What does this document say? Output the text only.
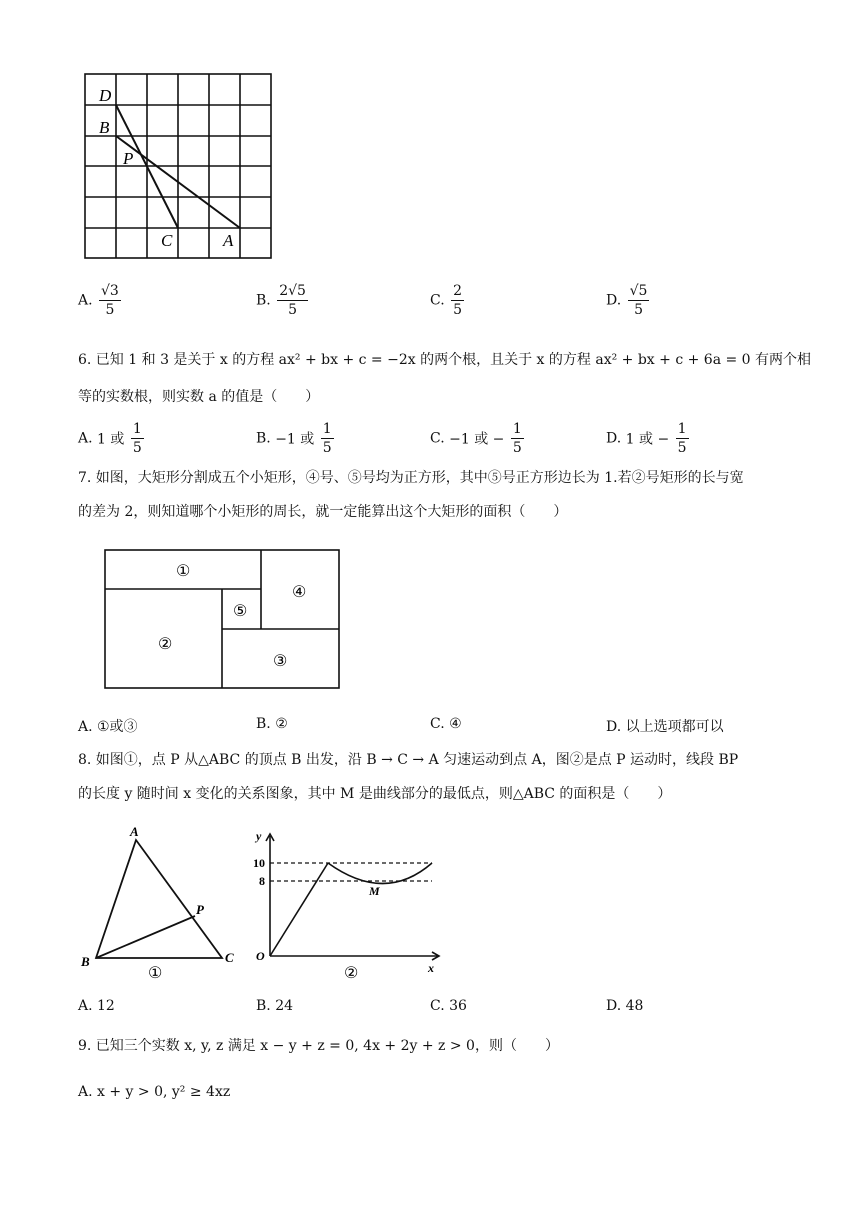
D
B
P
C	A
A. $\frac{√3}{5}$	B. $\frac{2√5}{5}$	C. $\frac{2}{5}$	D. $\frac{√5}{5}$
6. 已知 1 和 3 是关于 x 的方程 ax² + bx + c = −2x 的两个根，且关于 x 的方程 ax² + bx + c + 6a = 0 有两个相
等的实数根，则实数 a 的值是（　　）
A. 1 或 $\frac{1}{5}$	B. −1 或 $\frac{1}{5}$	C. −1 或 − $\frac{1}{5}$	D. 1 或 − $\frac{1}{5}$
7. 如图，大矩形分割成五个小矩形，④号、⑤号均为正方形，其中⑤号正方形边长为 1.若②号矩形的长与宽
的差为 2，则知道哪个小矩形的周长，就一定能算出这个大矩形的面积（　　）
①
④
⑤
②
③
A. ①或③	B. ②	C. ④	D. 以上选项都可以
8. 如图①，点 P 从△ABC 的顶点 B 出发，沿 B → C → A 匀速运动到点 A，图②是点 P 运动时，线段 BP
的长度 y 随时间 x 变化的关系图象，其中 M 是曲线部分的最低点，则△ABC 的面积是（　　）
A
P
B	C
①
y
x
O
10
8
M
②
A. 12	B. 24	C. 36	D. 48
9. 已知三个实数 x, y, z 满足 x − y + z = 0, 4x + 2y + z > 0，则（　　）
A. x + y > 0, y² ≥ 4xz
